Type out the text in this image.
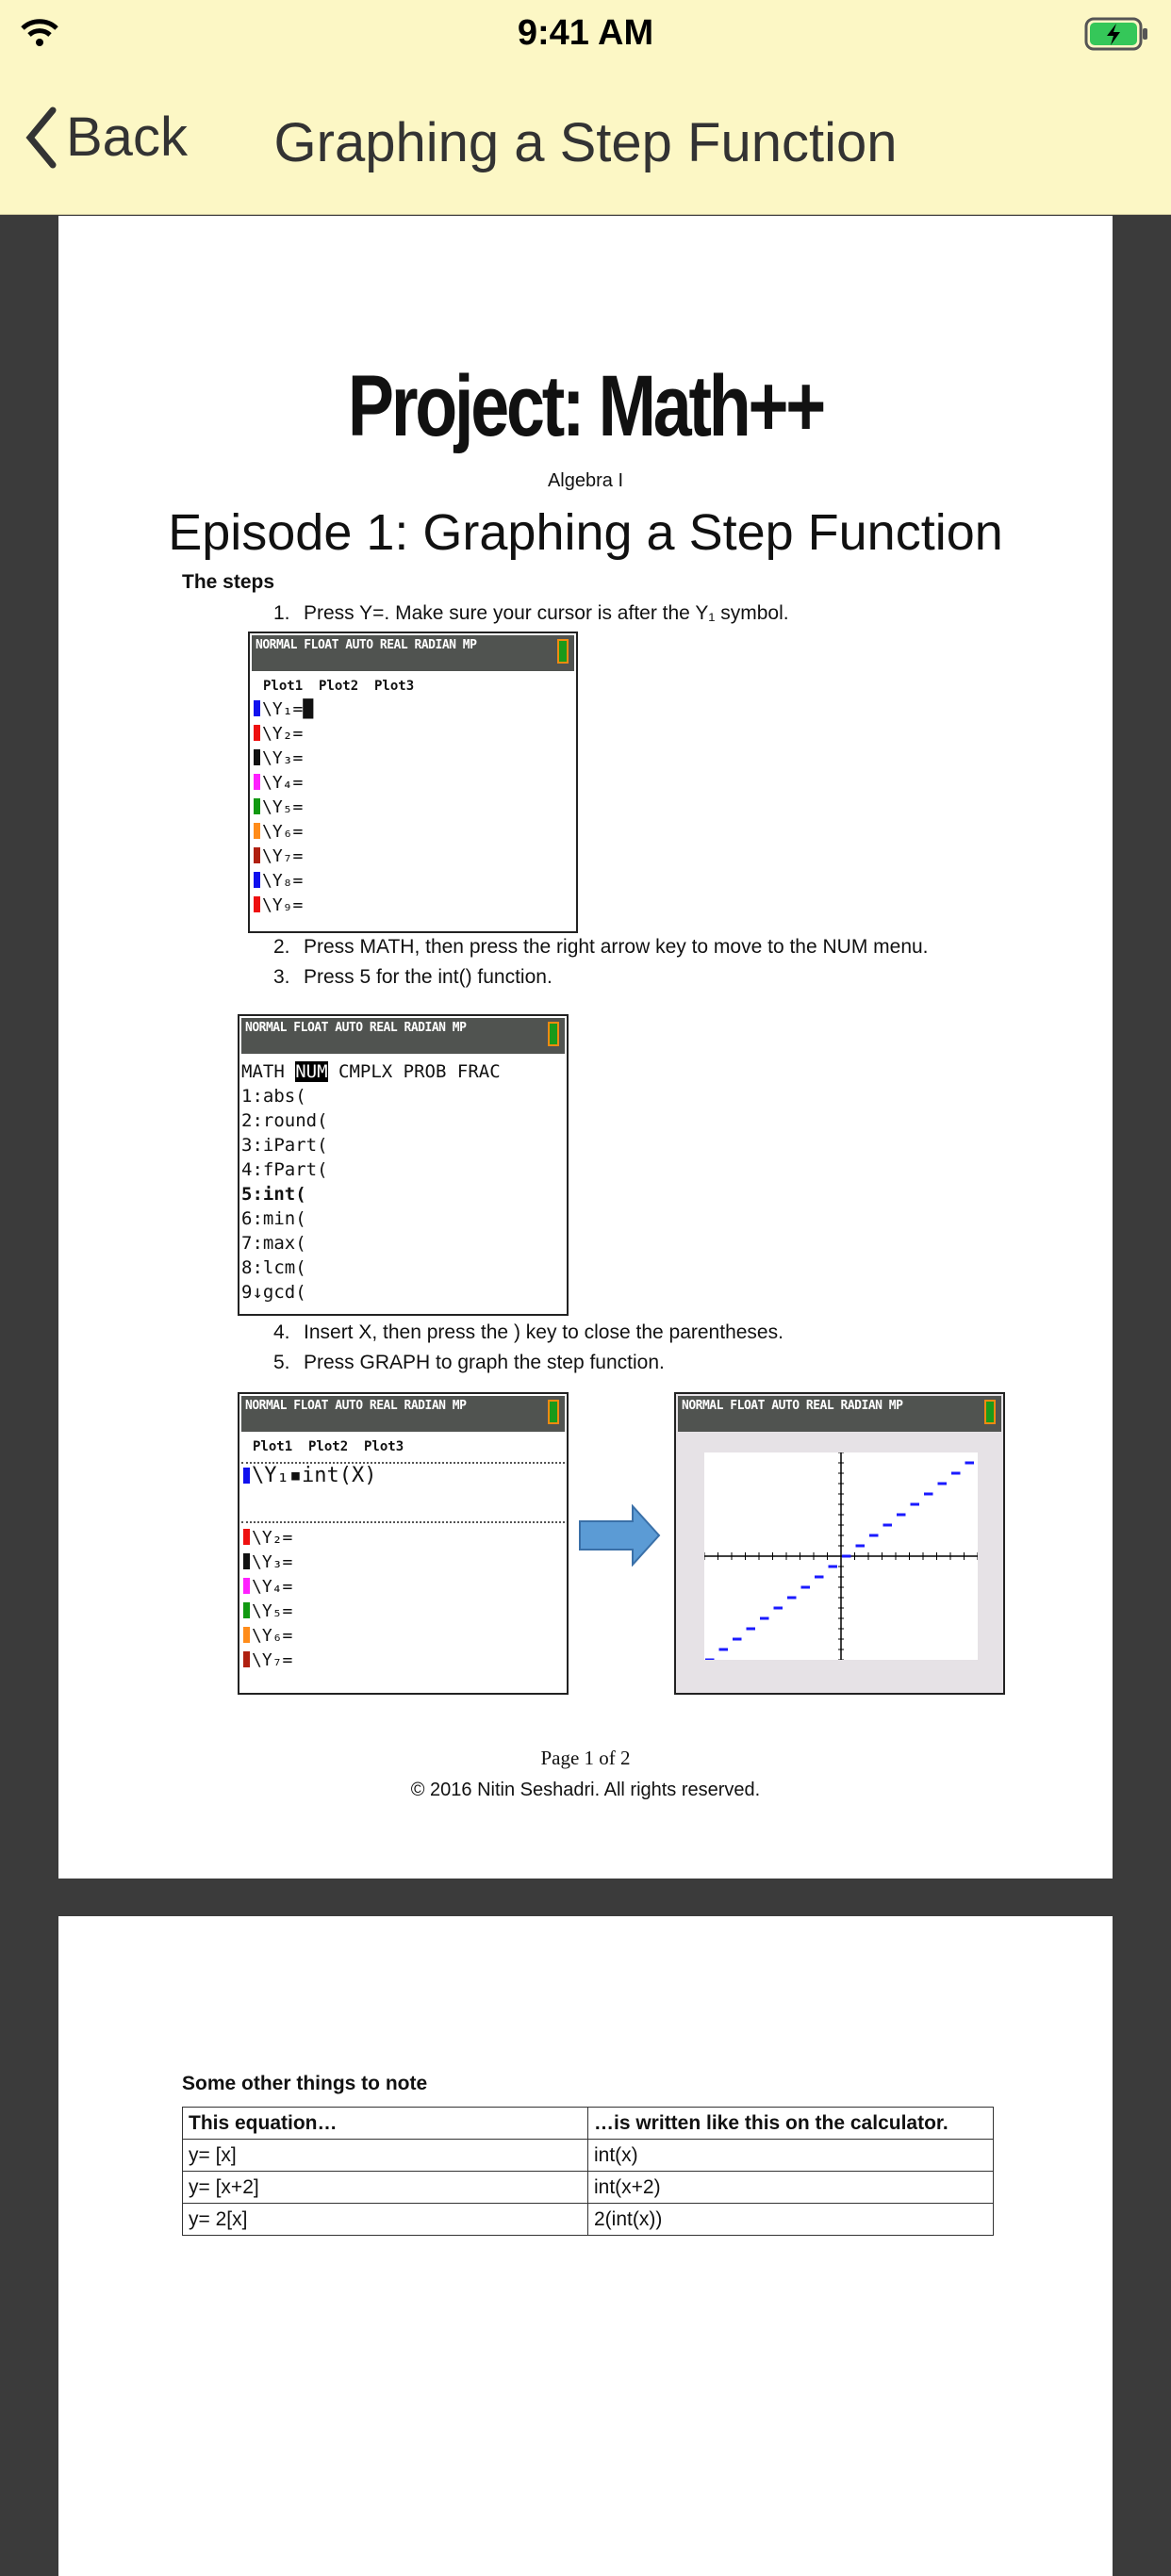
9:41 AM
Back	Graphing a Step Function
Project: Math++
Algebra I
Episode 1: Graphing a Step Function
The steps
1. Press Y=. Make sure your cursor is after the Y₁ symbol.
NORMAL FLOAT AUTO REAL RADIAN MP
Plot1  Plot2  Plot3
\Y₁=█
\Y₂=
\Y₃=
\Y₄=
\Y₅=
\Y₆=
\Y₇=
\Y₈=
\Y₉=
2. Press MATH, then press the right arrow key to move to the NUM menu.
3. Press 5 for the int() function.
NORMAL FLOAT AUTO REAL RADIAN MP
MATH NUM CMPLX PROB FRAC
1:abs(
2:round(
3:iPart(
4:fPart(
5:int(
6:min(
7:max(
8:lcm(
9↓gcd(
4. Insert X, then press the ) key to close the parentheses.
5. Press GRAPH to graph the step function.
NORMAL FLOAT AUTO REAL RADIAN MP
Plot1  Plot2  Plot3
\Y₁▪int(X)
\Y₂=
\Y₃=
\Y₄=
\Y₅=
\Y₆=
\Y₇=
NORMAL FLOAT AUTO REAL RADIAN MP
Page 1 of 2
© 2016 Nitin Seshadri. All rights reserved.
Some other things to note
This equation…	…is written like this on the calculator.
y= [x]	int(x)
y= [x+2]	int(x+2)
y= 2[x]	2(int(x))
